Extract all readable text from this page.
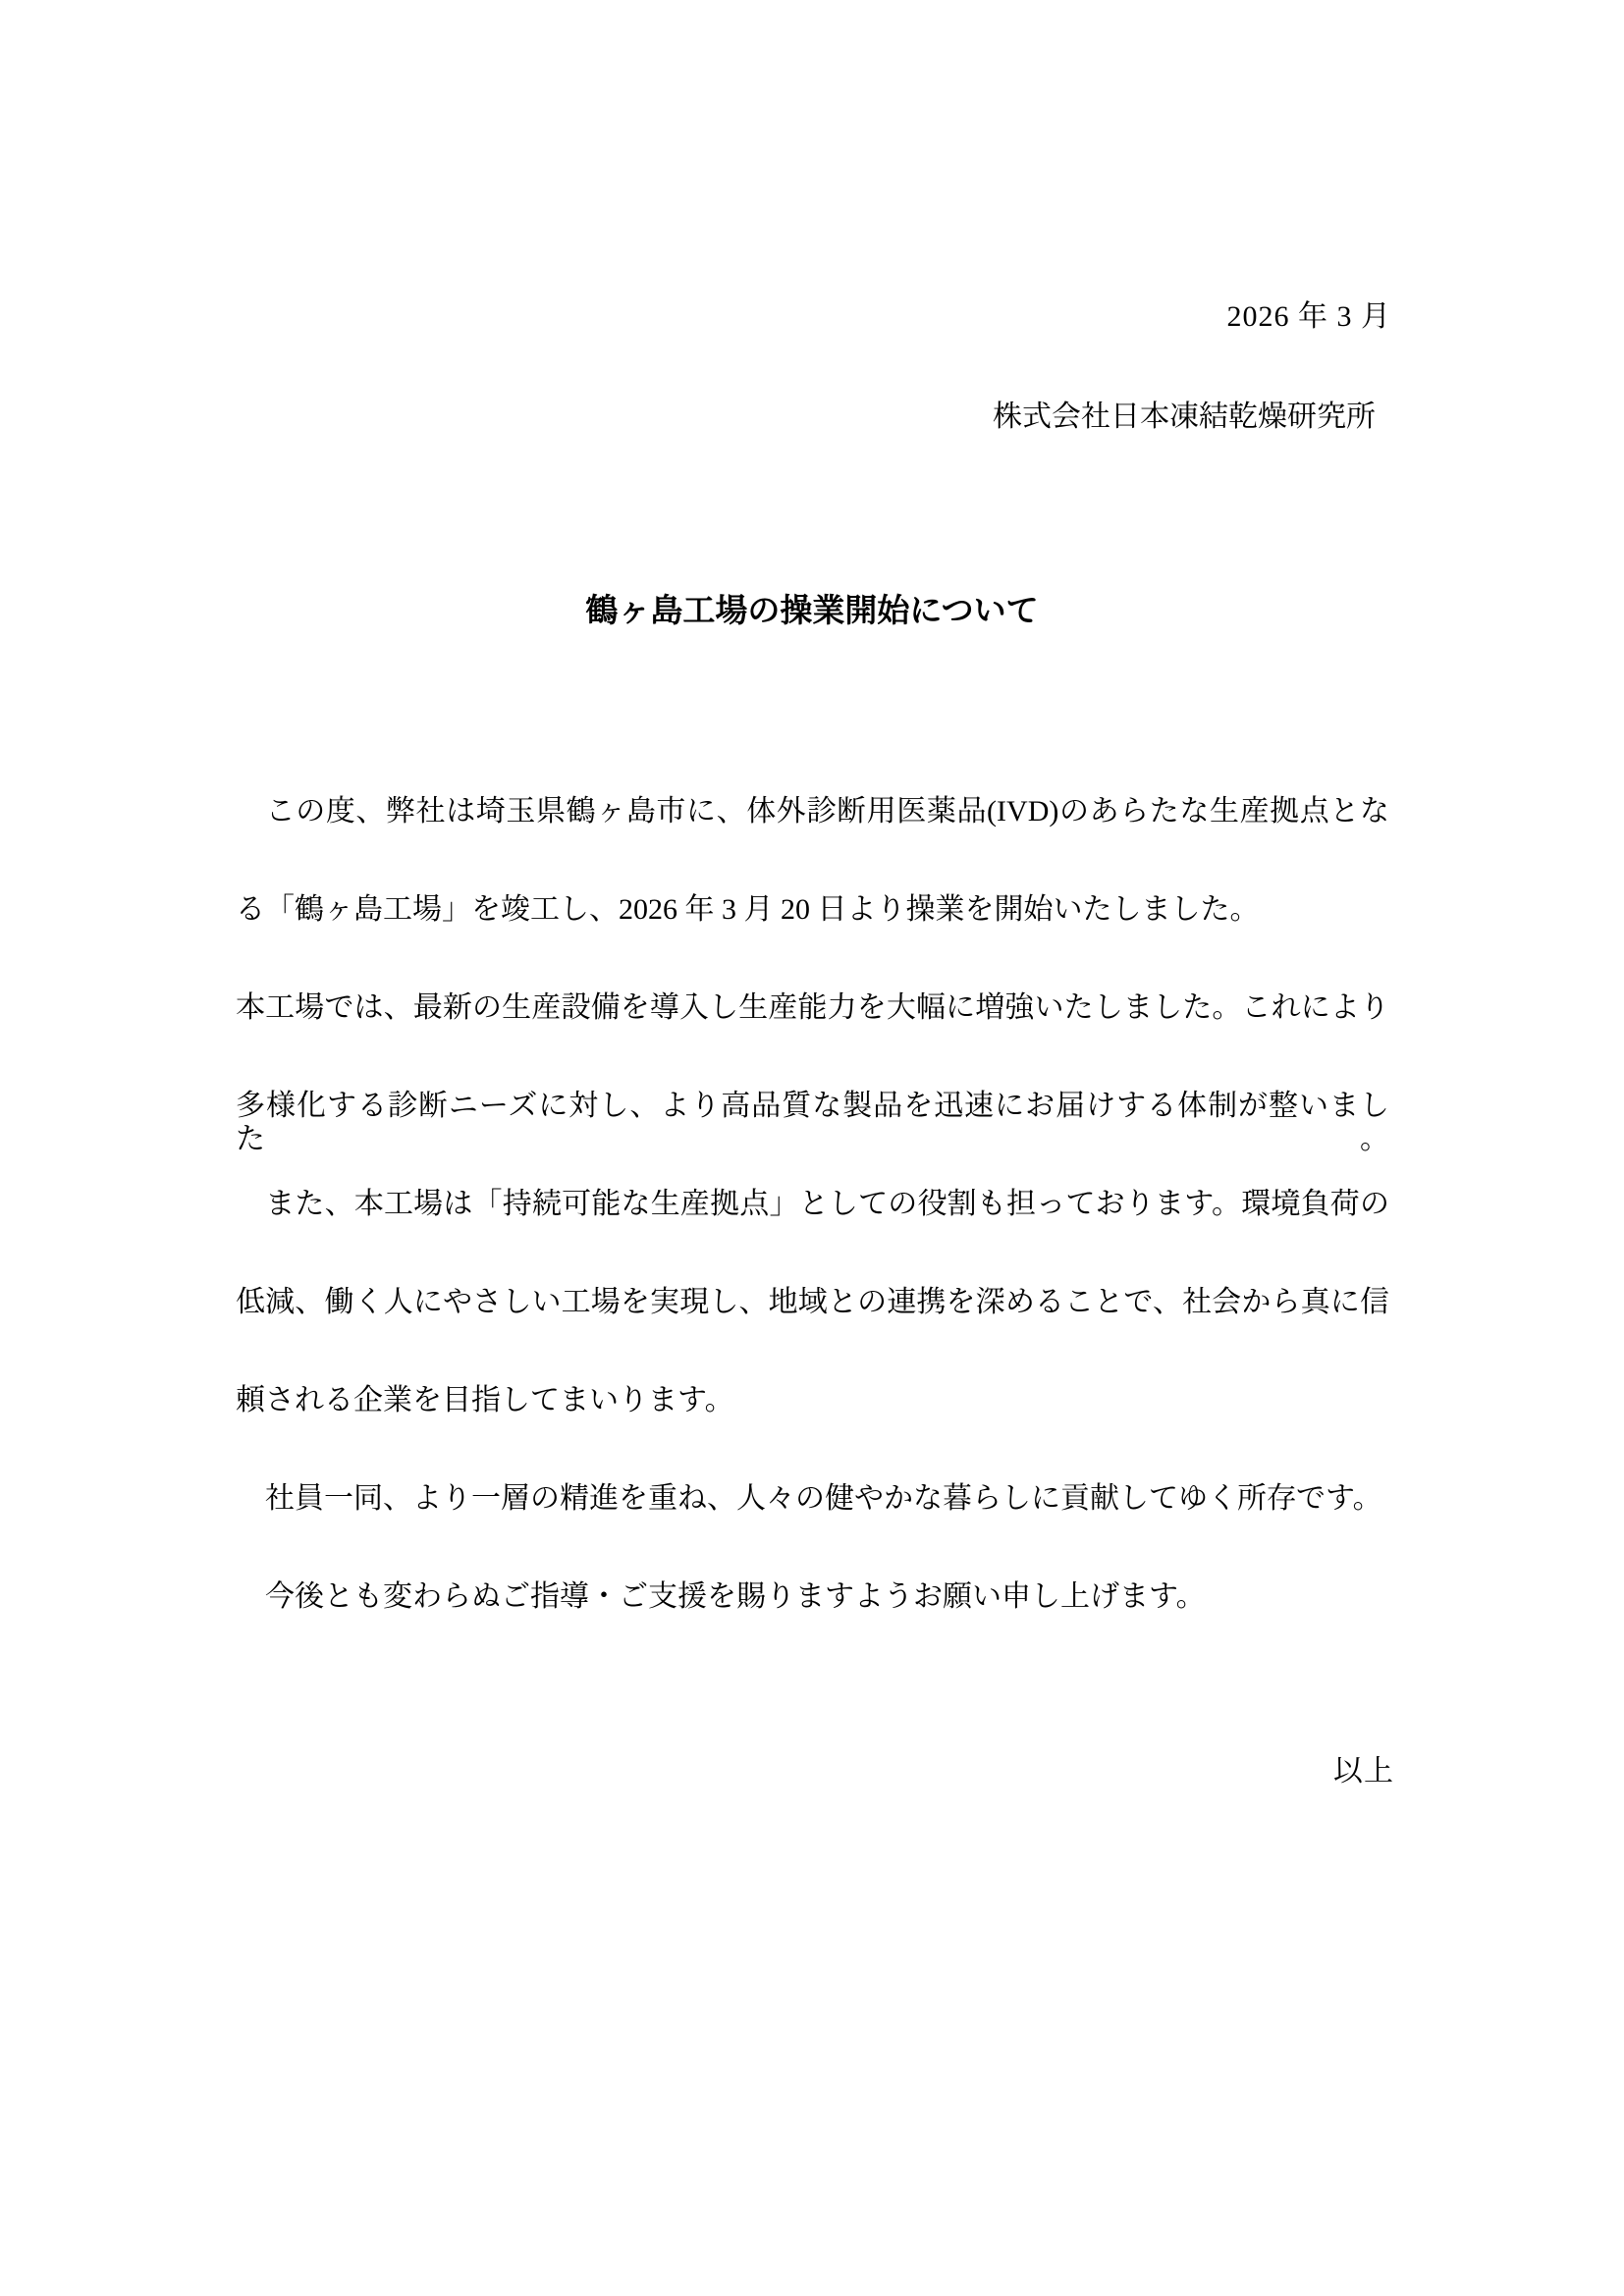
2026 年 3 月
株式会社日本凍結乾燥研究所
鶴ヶ島工場の操業開始について
　この度、弊社は埼玉県鶴ヶ島市に、体外診断用医薬品(IVD)のあらたな生産拠点とな
る「鶴ヶ島工場」を竣工し、2026 年 3 月 20 日より操業を開始いたしました。
本工場では、最新の生産設備を導入し生産能力を大幅に増強いたしました。これにより
多様化する診断ニーズに対し、より高品質な製品を迅速にお届けする体制が整いました。
　また、本工場は「持続可能な生産拠点」としての役割も担っております。環境負荷の
低減、働く人にやさしい工場を実現し、地域との連携を深めることで、社会から真に信
頼される企業を目指してまいります。
　社員一同、より一層の精進を重ね、人々の健やかな暮らしに貢献してゆく所存です。
　今後とも変わらぬご指導・ご支援を賜りますようお願い申し上げます。
以上
